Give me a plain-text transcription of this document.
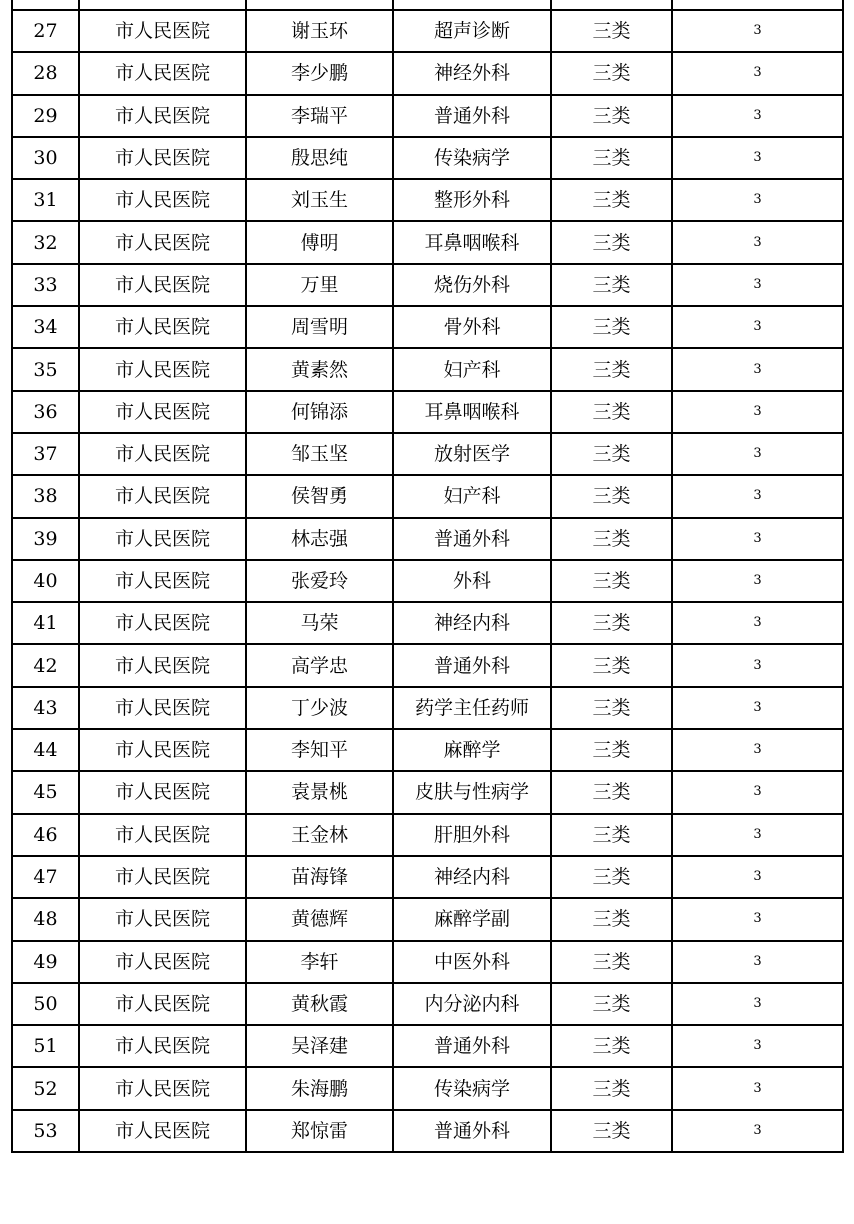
27	市人民医院	谢玉环	超声诊断	三类	3
28	市人民医院	李少鹏	神经外科	三类	3
29	市人民医院	李瑞平	普通外科	三类	3
30	市人民医院	殷思纯	传染病学	三类	3
31	市人民医院	刘玉生	整形外科	三类	3
32	市人民医院	傅明	耳鼻咽喉科	三类	3
33	市人民医院	万里	烧伤外科	三类	3
34	市人民医院	周雪明	骨外科	三类	3
35	市人民医院	黄素然	妇产科	三类	3
36	市人民医院	何锦添	耳鼻咽喉科	三类	3
37	市人民医院	邹玉坚	放射医学	三类	3
38	市人民医院	侯智勇	妇产科	三类	3
39	市人民医院	林志强	普通外科	三类	3
40	市人民医院	张爱玲	外科	三类	3
41	市人民医院	马荣	神经内科	三类	3
42	市人民医院	高学忠	普通外科	三类	3
43	市人民医院	丁少波	药学主任药师	三类	3
44	市人民医院	李知平	麻醉学	三类	3
45	市人民医院	袁景桃	皮肤与性病学	三类	3
46	市人民医院	王金林	肝胆外科	三类	3
47	市人民医院	苗海锋	神经内科	三类	3
48	市人民医院	黄德辉	麻醉学副	三类	3
49	市人民医院	李轩	中医外科	三类	3
50	市人民医院	黄秋霞	内分泌内科	三类	3
51	市人民医院	吴泽建	普通外科	三类	3
52	市人民医院	朱海鹏	传染病学	三类	3
53	市人民医院	郑惊雷	普通外科	三类	3
